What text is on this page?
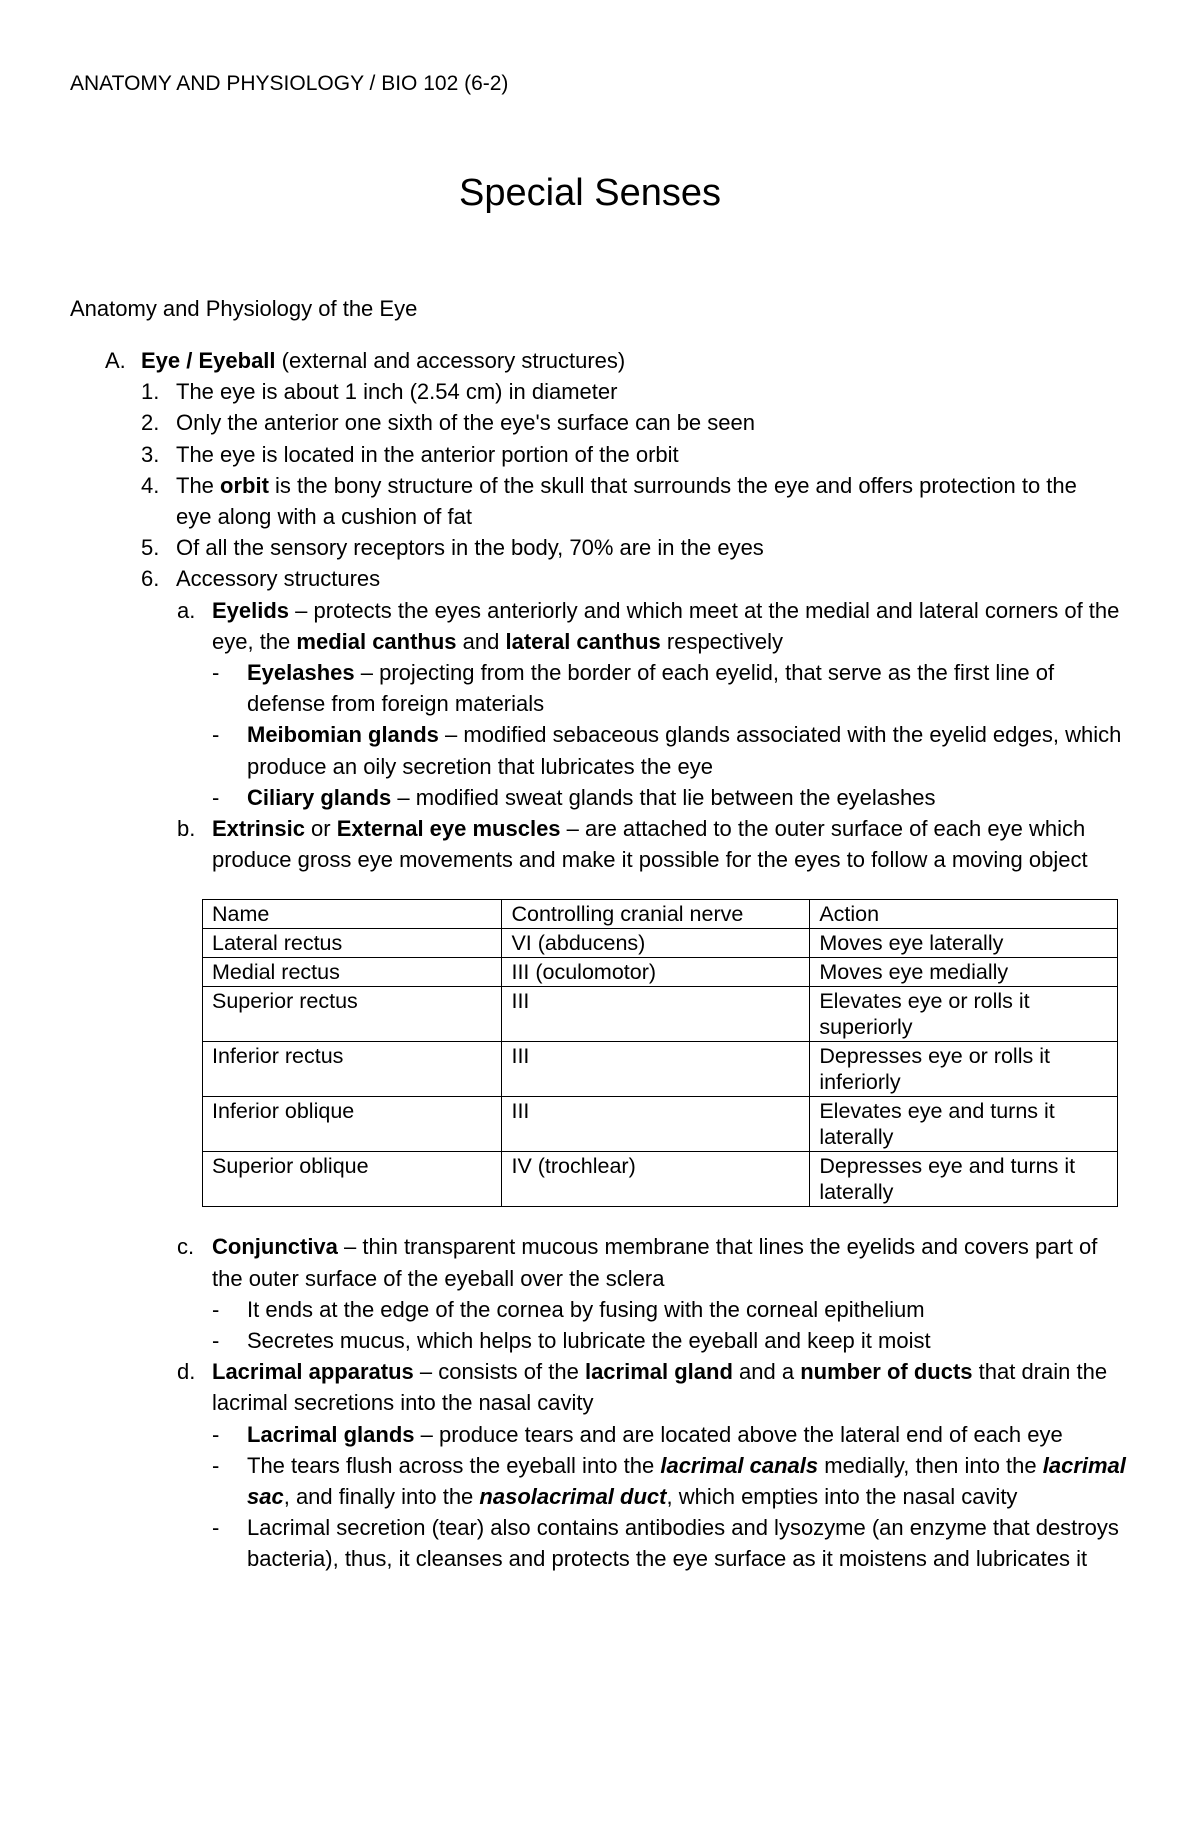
ANATOMY AND PHYSIOLOGY / BIO 102 (6-2)
Special Senses
Anatomy and Physiology of the Eye
A. Eye / Eyeball (external and accessory structures)
1. The eye is about 1 inch (2.54 cm) in diameter
2. Only the anterior one sixth of the eye's surface can be seen
3. The eye is located in the anterior portion of the orbit
4. The orbit is the bony structure of the skull that surrounds the eye and offers protection to the eye along with a cushion of fat
5. Of all the sensory receptors in the body, 70% are in the eyes
6. Accessory structures
a. Eyelids – protects the eyes anteriorly and which meet at the medial and lateral corners of the eye, the medial canthus and lateral canthus respectively
- Eyelashes – projecting from the border of each eyelid, that serve as the first line of defense from foreign materials
- Meibomian glands – modified sebaceous glands associated with the eyelid edges, which produce an oily secretion that lubricates the eye
- Ciliary glands – modified sweat glands that lie between the eyelashes
b. Extrinsic or External eye muscles – are attached to the outer surface of each eye which produce gross eye movements and make it possible for the eyes to follow a moving object
Name	Controlling cranial nerve	Action
Lateral rectus	VI (abducens)	Moves eye laterally
Medial rectus	III (oculomotor)	Moves eye medially
Superior rectus	III	Elevates eye or rolls it superiorly
Inferior rectus	III	Depresses eye or rolls it inferiorly
Inferior oblique	III	Elevates eye and turns it laterally
Superior oblique	IV (trochlear)	Depresses eye and turns it laterally
c. Conjunctiva – thin transparent mucous membrane that lines the eyelids and covers part of the outer surface of the eyeball over the sclera
- It ends at the edge of the cornea by fusing with the corneal epithelium
- Secretes mucus, which helps to lubricate the eyeball and keep it moist
d. Lacrimal apparatus – consists of the lacrimal gland and a number of ducts that drain the lacrimal secretions into the nasal cavity
- Lacrimal glands – produce tears and are located above the lateral end of each eye
- The tears flush across the eyeball into the lacrimal canals medially, then into the lacrimal sac, and finally into the nasolacrimal duct, which empties into the nasal cavity
- Lacrimal secretion (tear) also contains antibodies and lysozyme (an enzyme that destroys bacteria), thus, it cleanses and protects the eye surface as it moistens and lubricates it
